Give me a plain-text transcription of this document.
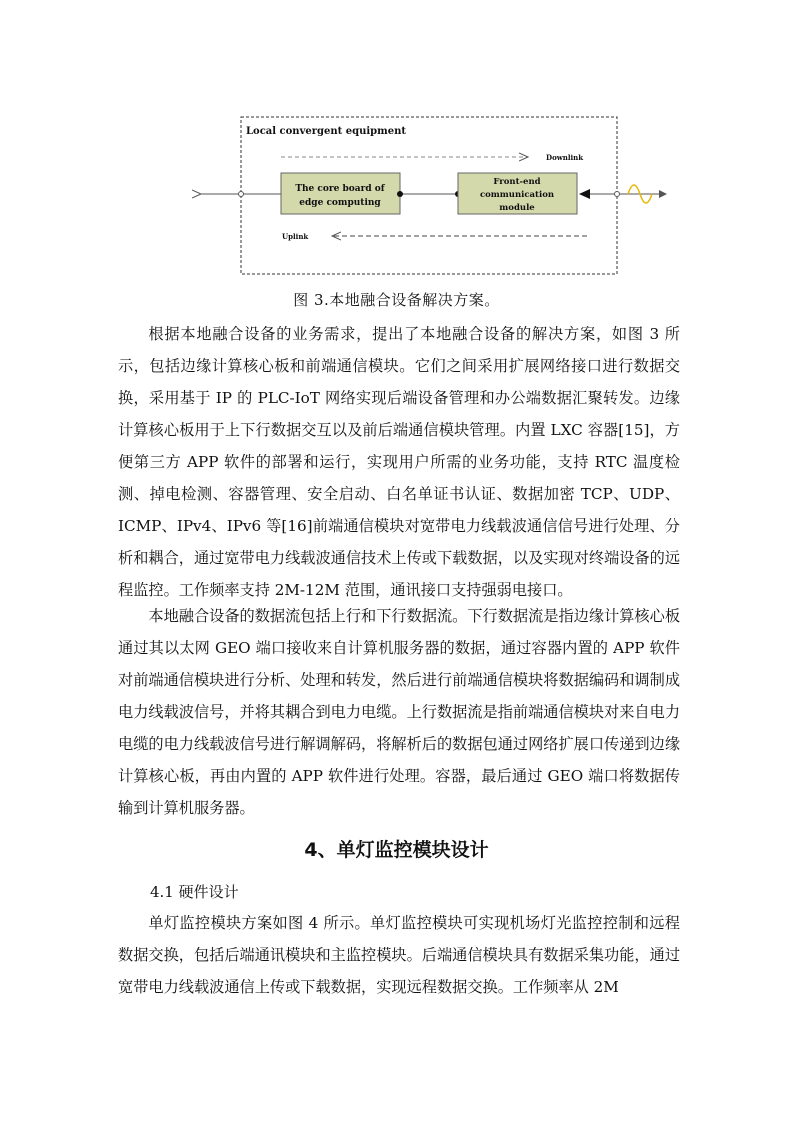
Local convergent equipment
Downlink
The core board of
edge computing
Front-end
communication
module
Uplink
图 3.本地融合设备解决方案。

根据本地融合设备的业务需求，提出了本地融合设备的解决方案，如图 3 所示，包括边缘计算核心板和前端通信模块。它们之间采用扩展网络接口进行数据交换，采用基于 IP 的 PLC-IoT 网络实现后端设备管理和办公端数据汇聚转发。边缘计算核心板用于上下行数据交互以及前后端通信模块管理。内置 LXC 容器[15]，方便第三方 APP 软件的部署和运行，实现用户所需的业务功能，支持 RTC 温度检测、掉电检测、容器管理、安全启动、白名单证书认证、数据加密 TCP、UDP、ICMP、IPv4、IPv6 等[16]前端通信模块对宽带电力线载波通信信号进行处理、分析和耦合，通过宽带电力线载波通信技术上传或下载数据，以及实现对终端设备的远程监控。工作频率支持 2M-12M 范围，通讯接口支持强弱电接口。

本地融合设备的数据流包括上行和下行数据流。下行数据流是指边缘计算核心板通过其以太网 GEO 端口接收来自计算机服务器的数据，通过容器内置的 APP 软件对前端通信模块进行分析、处理和转发，然后进行前端通信模块将数据编码和调制成电力线载波信号，并将其耦合到电力电缆。上行数据流是指前端通信模块对来自电力电缆的电力线载波信号进行解调解码，将解析后的数据包通过网络扩展口传递到边缘计算核心板，再由内置的 APP 软件进行处理。容器，最后通过 GEO 端口将数据传输到计算机服务器。

4、单灯监控模块设计
4.1 硬件设计

单灯监控模块方案如图 4 所示。单灯监控模块可实现机场灯光监控控制和远程数据交换，包括后端通讯模块和主监控模块。后端通信模块具有数据采集功能，通过宽带电力线载波通信上传或下载数据，实现远程数据交换。工作频率从 2M
